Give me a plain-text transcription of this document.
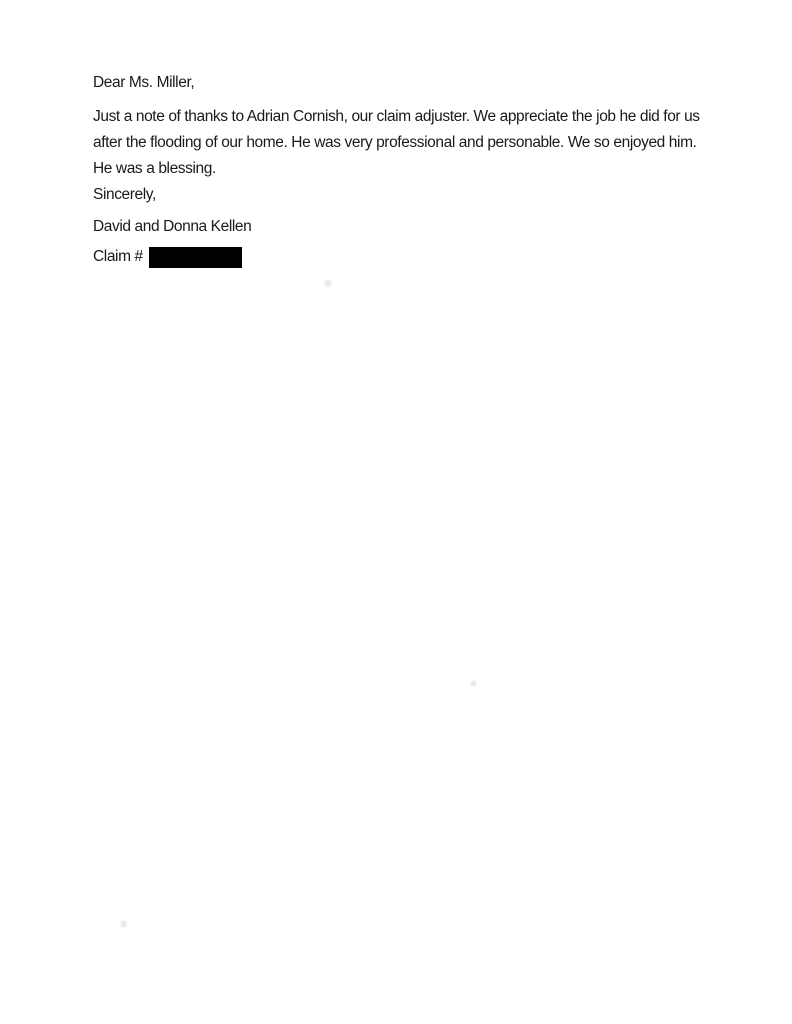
Dear Ms. Miller,
Just a note of thanks to Adrian Cornish, our claim adjuster. We appreciate the job he did for us
after the flooding of our home. He was very professional and personable. We so enjoyed him.
He was a blessing.
Sincerely,
David and Donna Kellen
Claim #
